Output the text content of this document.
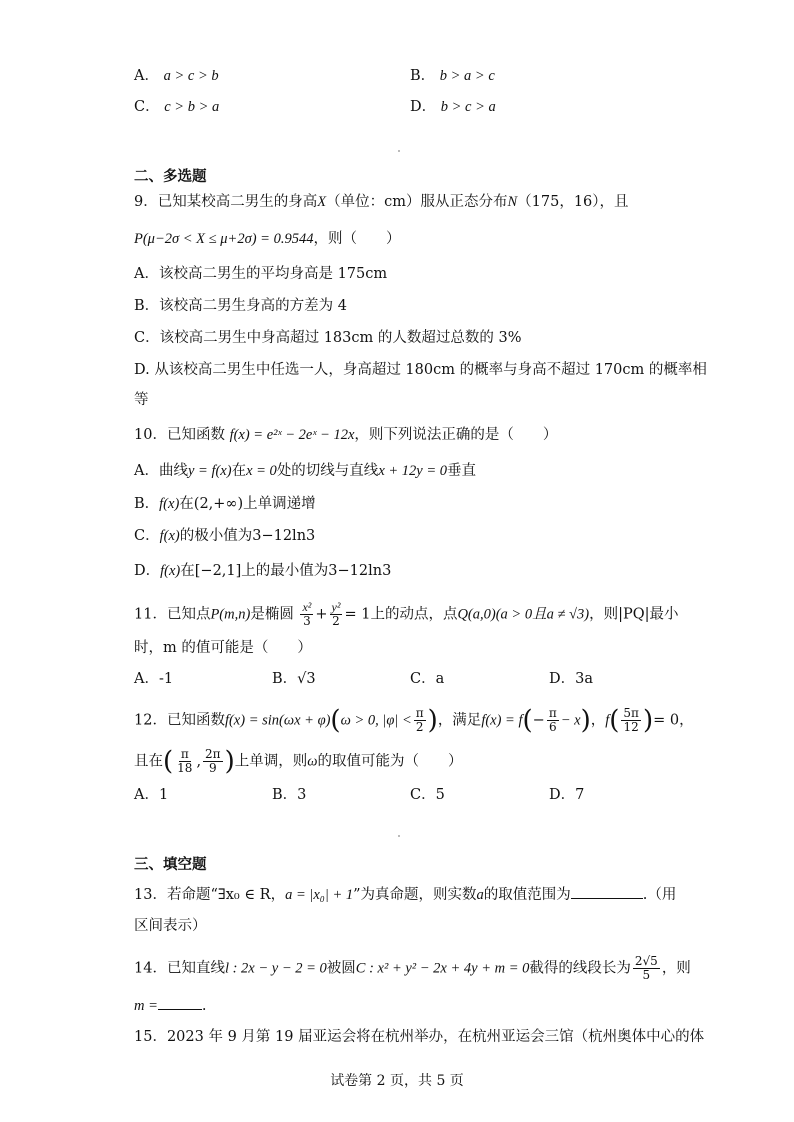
A． a > c > b	B． b > a > c
C． c > b > a	D． b > c > a
二、多选题
9．已知某校高二男生的身高X（单位：cm）服从正态分布N（175，16），且
P(μ−2σ < X ≤ μ+2σ) = 0.9544，则（　　）
A．该校高二男生的平均身高是 175cm
B．该校高二男生身高的方差为 4
C．该校高二男生中身高超过 183cm 的人数超过总数的 3%
D. 从该校高二男生中任选一人，身高超过 180cm 的概率与身高不超过 170cm 的概率相
等
10．已知函数 f(x) = e²ˣ − 2eˣ − 12x，则下列说法正确的是（　　）
A．曲线y = f(x)在x = 0处的切线与直线x + 12y = 0垂直
B．f(x)在(2,+∞)上单调递增
C．f(x)的极小值为3−12ln3
D．f(x)在[−2,1]上的最小值为3−12ln3
11．已知点P(m,n)是椭圆 $\frac{\text{x²}}{3} + \frac{\text{y²}}{2} = 1$上的动点，点Q(a,0)(a > 0且a ≠ √3)，则|PQ|最小
时，m 的值可能是（　　）
A．-1	B．√3	C．a	D．3a
12．已知函数f(x) = sin(ωx + φ)(ω > 0, $|\varphi| < \frac{\pi}{2}$ )，满足$f(x) = f(- \frac{\pi}{6} - x)$，$f( \frac{5\pi}{12}$ )= 0，
且在( $\frac{\pi}{18}$ , $\frac{2\pi}{9}$ )上单调，则ω的取值可能为（　　）
A．1	B．3	C．5	D．7
三、填空题
13．若命题“∃x₀ ∈ R，a = |x₀| + 1”为真命题，则实数a的取值范围为	.（用
区间表示）
14．已知直线l : 2x − y − 2 = 0被圆C : x² + y² − 2x + 4y + m = 0截得的线段长为 $\frac{2√5}{5}$ ，则
m =	.
15．2023 年 9 月第 19 届亚运会将在杭州举办，在杭州亚运会三馆（杭州奥体中心的体
试卷第 2 页，共 5 页
